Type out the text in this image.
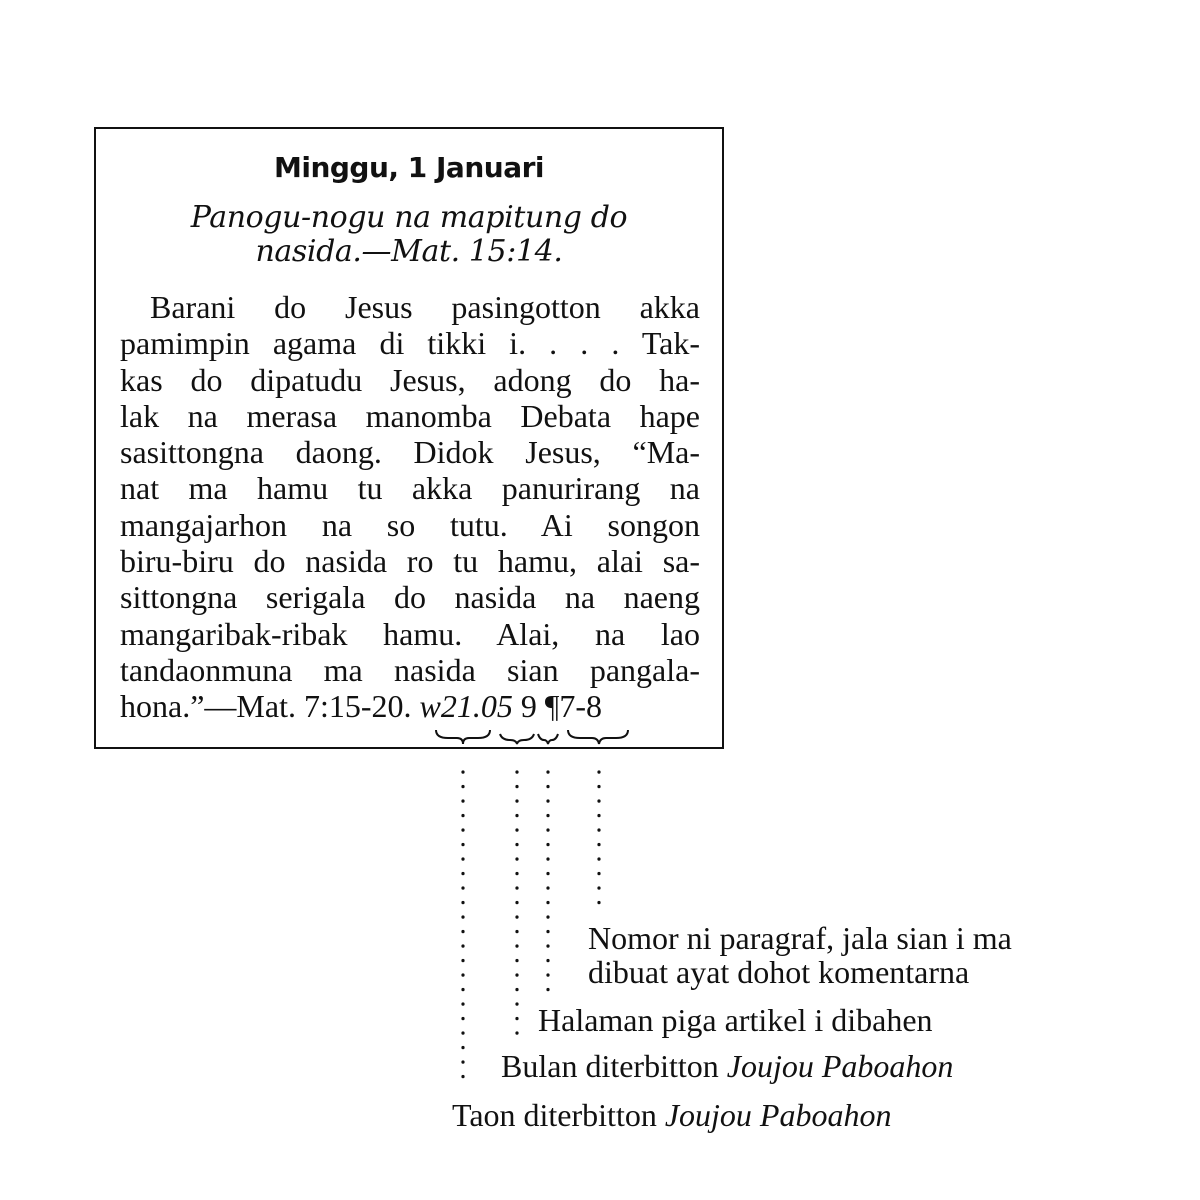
Minggu, 1 Januari
Panogu-nogu na mapitung do
nasida.—Mat. 15:14.
Barani do Jesus pasingotton akka
pamimpin agama di tikki i. . . . Tak-
kas do dipatudu Jesus, adong do ha-
lak na merasa manomba Debata hape
sasittongna daong. Didok Jesus, “Ma-
nat ma hamu tu akka panurirang na
mangajarhon na so tutu. Ai songon
biru-biru do nasida ro tu hamu, alai sa-
sittongna serigala do nasida na naeng
mangaribak-ribak hamu. Alai, na lao
tandaonmuna ma nasida sian pangala-
hona.”—Mat. 7:15-20. w21.05 9 ¶7-8
Nomor ni paragraf, jala sian i ma
dibuat ayat dohot komentarna
Halaman piga artikel i dibahen
Bulan diterbitton Joujou Paboahon
Taon diterbitton Joujou Paboahon
